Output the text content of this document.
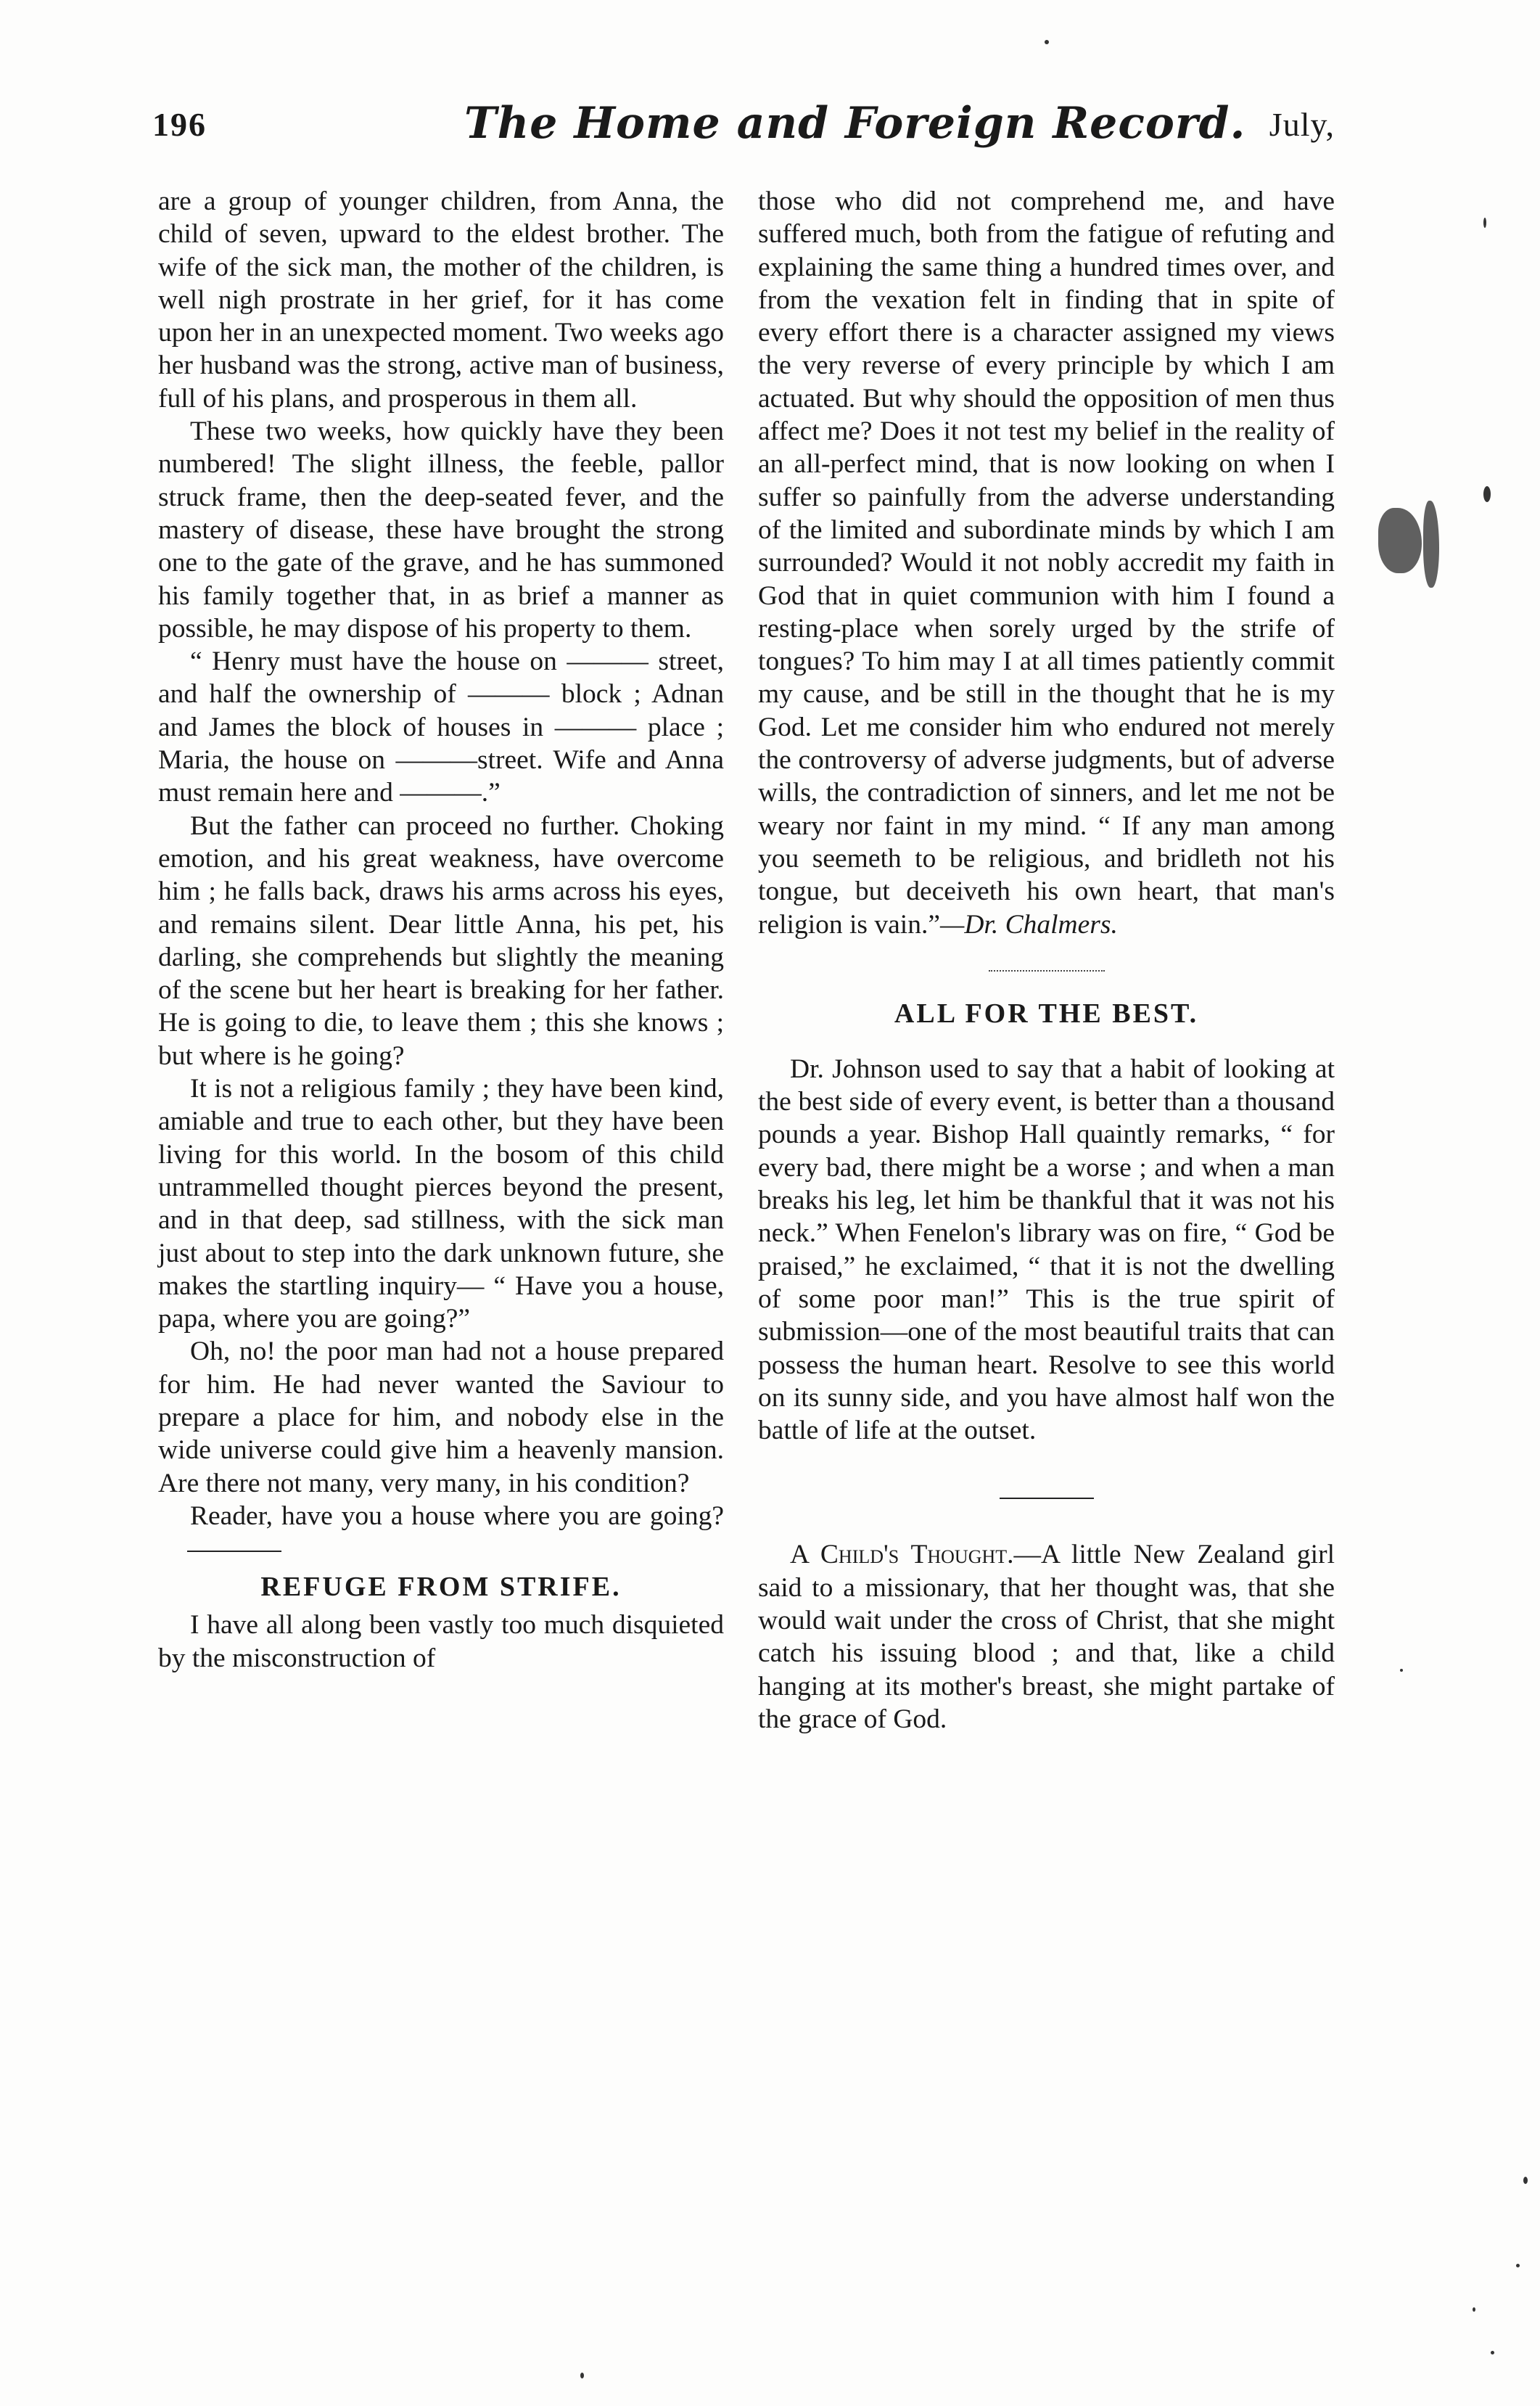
196	The Home and Foreign Record. July,

are a group of younger children, from Anna, the child of seven, upward to the eldest brother. The wife of the sick man, the mother of the children, is well nigh prostrate in her grief, for it has come upon her in an unexpected moment. Two weeks ago her husband was the strong, active man of business, full of his plans, and prosperous in them all.

These two weeks, how quickly have they been numbered! The slight illness, the feeble, pallor struck frame, then the deep-seated fever, and the mastery of disease, these have brought the strong one to the gate of the grave, and he has summoned his family together that, in as brief a manner as possible, he may dispose of his property to them.

“ Henry must have the house on ——— street, and half the ownership of ——— block ; Adnan and James the block of houses in ——— place ; Maria, the house on ———street. Wife and Anna must remain here and ———.”

But the father can proceed no further. Choking emotion, and his great weakness, have overcome him ; he falls back, draws his arms across his eyes, and remains silent. Dear little Anna, his pet, his darling, she comprehends but slightly the meaning of the scene but her heart is breaking for her father. He is going to die, to leave them ; this she knows ; but where is he going?

It is not a religious family ; they have been kind, amiable and true to each other, but they have been living for this world. In the bosom of this child untrammelled thought pierces beyond the present, and in that deep, sad stillness, with the sick man just about to step into the dark unknown future, she makes the startling inquiry— “ Have you a house, papa, where you are going?”

Oh, no! the poor man had not a house prepared for him. He had never wanted the Saviour to prepare a place for him, and nobody else in the wide universe could give him a heavenly mansion. Are there not many, very many, in his condition?

Reader, have you a house where you are going?

REFUGE FROM STRIFE.

I have all along been vastly too much disquieted by the misconstruction of

those who did not comprehend me, and have suffered much, both from the fatigue of refuting and explaining the same thing a hundred times over, and from the vexation felt in finding that in spite of every effort there is a character assigned my views the very reverse of every principle by which I am actuated. But why should the opposition of men thus affect me? Does it not test my belief in the reality of an all-perfect mind, that is now looking on when I suffer so painfully from the adverse understanding of the limited and subordinate minds by which I am surrounded? Would it not nobly accredit my faith in God that in quiet communion with him I found a resting-place when sorely urged by the strife of tongues? To him may I at all times patiently commit my cause, and be still in the thought that he is my God. Let me consider him who endured not merely the controversy of adverse judgments, but of adverse wills, the contradiction of sinners, and let me not be weary nor faint in my mind. “ If any man among you seemeth to be religious, and bridleth not his tongue, but deceiveth his own heart, that man's religion is vain.”—Dr. Chalmers.

ALL FOR THE BEST.

Dr. Johnson used to say that a habit of looking at the best side of every event, is better than a thousand pounds a year. Bishop Hall quaintly remarks, “ for every bad, there might be a worse ; and when a man breaks his leg, let him be thankful that it was not his neck.” When Fenelon's library was on fire, “ God be praised,” he exclaimed, “ that it is not the dwelling of some poor man!” This is the true spirit of submission—one of the most beautiful traits that can possess the human heart. Resolve to see this world on its sunny side, and you have almost half won the battle of life at the outset.

A Child's Thought.—A little New Zealand girl said to a missionary, that her thought was, that she would wait under the cross of Christ, that she might catch his issuing blood ; and that, like a child hanging at its mother's breast, she might partake of the grace of God.
